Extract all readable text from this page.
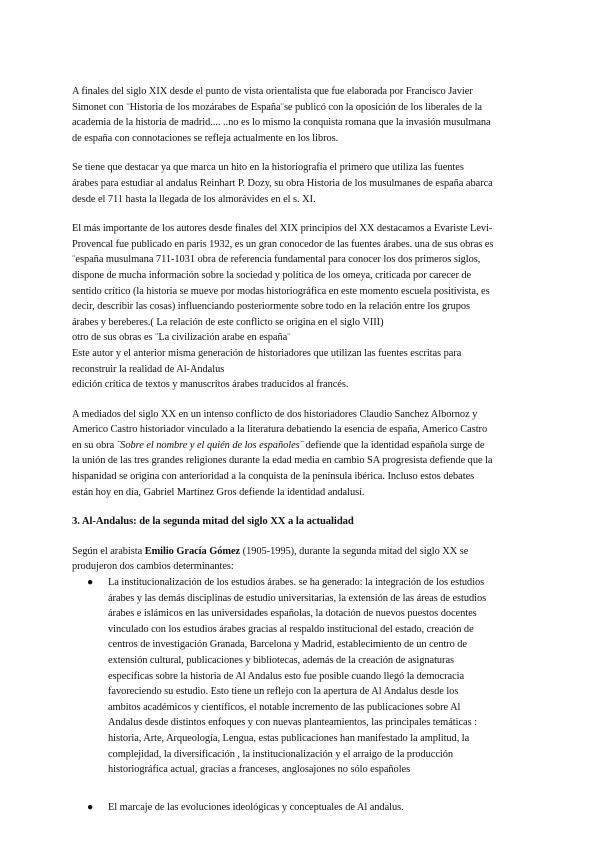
A finales del siglo XIX desde el punto de vista orientalista que fue elaborada por Francisco Javier
Simonet con ¨Historia de los mozárabes de España¨se publicó con la oposición de los liberales de la
academia de la historia de madrid.... ..no es lo mismo la conquista romana que la invasión musulmana
de españa con connotaciones se refleja actualmente en los libros.

Se tiene que destacar ya que marca un hito en la historiografía el primero que utiliza las fuentes
árabes para estudiar al andalus Reinhart P. Dozy, su obra Historia de los musulmanes de españa abarca
desde el 711 hasta la llegada de los almorávides en el s. XI.

El más importante de los autores desde finales del XIX principios del XX destacamos a Evariste Levi-
Provencal fue publicado en paris 1932, es un gran conocedor de las fuentes árabes. una de sus obras es
¨españa musulmana 711-1031 obra de referencia fundamental para conocer los dos primeros siglos,
dispone de mucha información sobre la sociedad y política de los omeya, criticada por carecer de
sentido crítico (la historia se mueve por modas historiográfica en este momento escuela positivista, es
decir, describir las cosas) influenciando posteriormente sobre todo en la relación entre los grupos
árabes y bereberes.( La relación de este conflicto se origina en el siglo VIII)
otro de sus obras es ¨La civilización arabe en españa¨
Este autor y el anterior misma generación de historiadores que utilizan las fuentes escritas para
reconstruir la realidad de Al-Andalus
edición crítica de textos y manuscritos árabes traducidos al francés.

A mediados del siglo XX en un intenso conflicto de dos historiadores Claudio Sanchez Albornoz y
Americo Castro historiador vinculado a la literatura debatiendo la esencia de españa, Americo Castro
en su obra ¨Sobre el nombre y el quién de los españoles¨ defiende que la identidad española surge de
la unión de las tres grandes religiones durante la edad media en cambio SA progresista defiende que la
hispanidad se origina con anterioridad a la conquista de la península ibérica. Incluso estos debates
están hoy en día, Gabriel Martínez Gros defiende la identidad andalusí.

3. Al-Andalus: de la segunda mitad del siglo XX a la actualidad

Según el arabista Emilio Gracía Gómez (1905-1995), durante la segunda mitad del siglo XX se
produjeron dos cambios determinantes:

● La institucionalización de los estudios árabes. se ha generado: la integración de los estudios
árabes y las demás disciplinas de estudio universitarias, la extensión de las áreas de estudios
árabes e islámicos en las universidades españolas, la dotación de nuevos puestos docentes
vinculado con los estudios árabes gracias al respaldo institucional del estado, creación de
centros de investigación Granada, Barcelona y Madrid, establecimiento de un centro de
extensión cultural, publicaciones y bibliotecas, además de la creación de asignaturas
específicas sobre la historia de Al Andalus esto fue posible cuando llegó la democracia
favoreciendo su estudio. Esto tiene un reflejo con la apertura de Al Andalus desde los
ambitos académicos y científicos, el notable incremento de las publicaciones sobre Al
Andalus desde distintos enfoques y con nuevas planteamientos, las principales temáticas :
historia, Arte, Arqueología, Lengua, estas publicaciones han manifestado la amplitud, la
complejidad, la diversificación , la institucionalización y el arraigo de la producción
historiográfica actual, gracias a franceses, anglosajones no sólo españoles
● El marcaje de las evoluciones ideológicas y conceptuales de Al andalus.
